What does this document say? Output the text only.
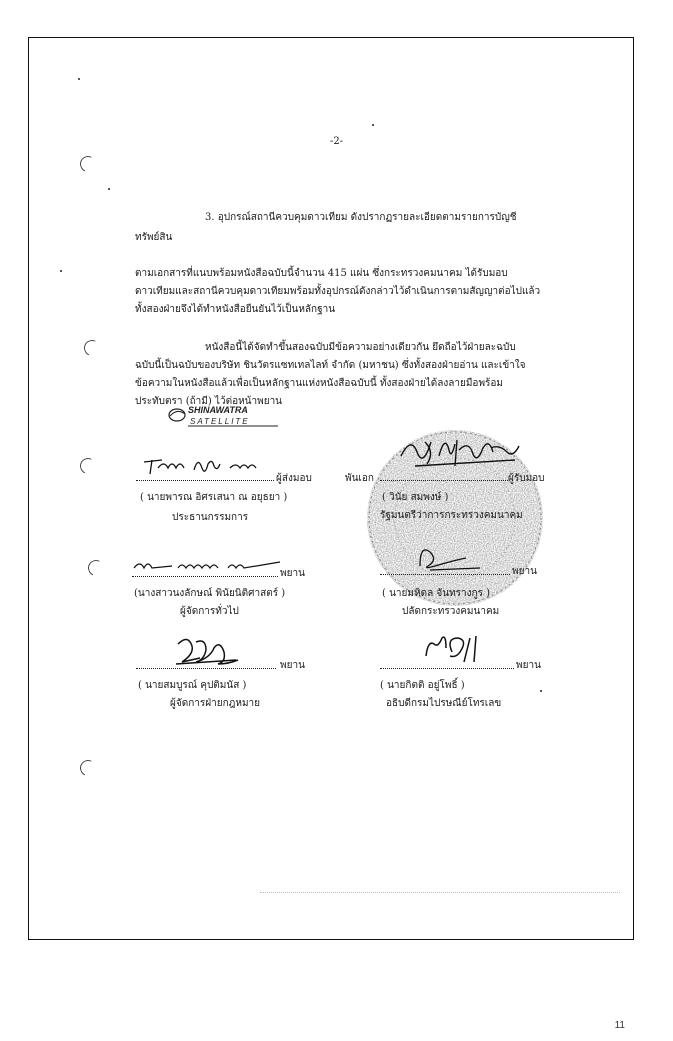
-2-
3. อุปกรณ์สถานีควบคุมดาวเทียม ดังปรากฏรายละเอียดตามรายการบัญชี
ทรัพย์สิน
ตามเอกสารที่แนบพร้อมหนังสือฉบับนี้จำนวน 415 แผ่น ซึ่งกระทรวงคมนาคม ได้รับมอบ
ดาวเทียมและสถานีควบคุมดาวเทียมพร้อมทั้งอุปกรณ์ดังกล่าวไว้ดำเนินการตามสัญญาต่อไปแล้ว
ทั้งสองฝ่ายจึงได้ทำหนังสือยืนยันไว้เป็นหลักฐาน
หนังสือนี้ได้จัดทำขึ้นสองฉบับมีข้อความอย่างเดียวกัน ยึดถือไว้ฝ่ายละฉบับ
ฉบับนี้เป็นฉบับของบริษัท ชินวัตรแซทเทลไลท์ จำกัด (มหาชน) ซึ่งทั้งสองฝ่ายอ่าน และเข้าใจ
ข้อความในหนังสือแล้วเพื่อเป็นหลักฐานแห่งหนังสือฉบับนี้ ทั้งสองฝ่ายได้ลงลายมือพร้อม
ประทับตรา (ถ้ามี) ไว้ต่อหน้าพยาน
SHINAWATRA
SATELLITE
ผู้ส่งมอบ
( นายพารณ อิศรเสนา ณ อยุธยา )
ประธานกรรมการ
พันเอก	ผู้รับมอบ
( วินัย สมพงษ์ )
รัฐมนตรีว่าการกระทรวงคมนาคม
พยาน
(นางสาวนงลักษณ์ พินัยนิติศาสตร์ )
ผู้จัดการทั่วไป
พยาน
( นายมหิดล จันทรางกูร )
ปลัดกระทรวงคมนาคม
พยาน
( นายสมบูรณ์ คุปติมนัส )
ผู้จัดการฝ่ายกฎหมาย
พยาน
( นายกิตติ อยู่โพธิ์ )
อธิบดีกรมไปรษณีย์โทรเลข
11
